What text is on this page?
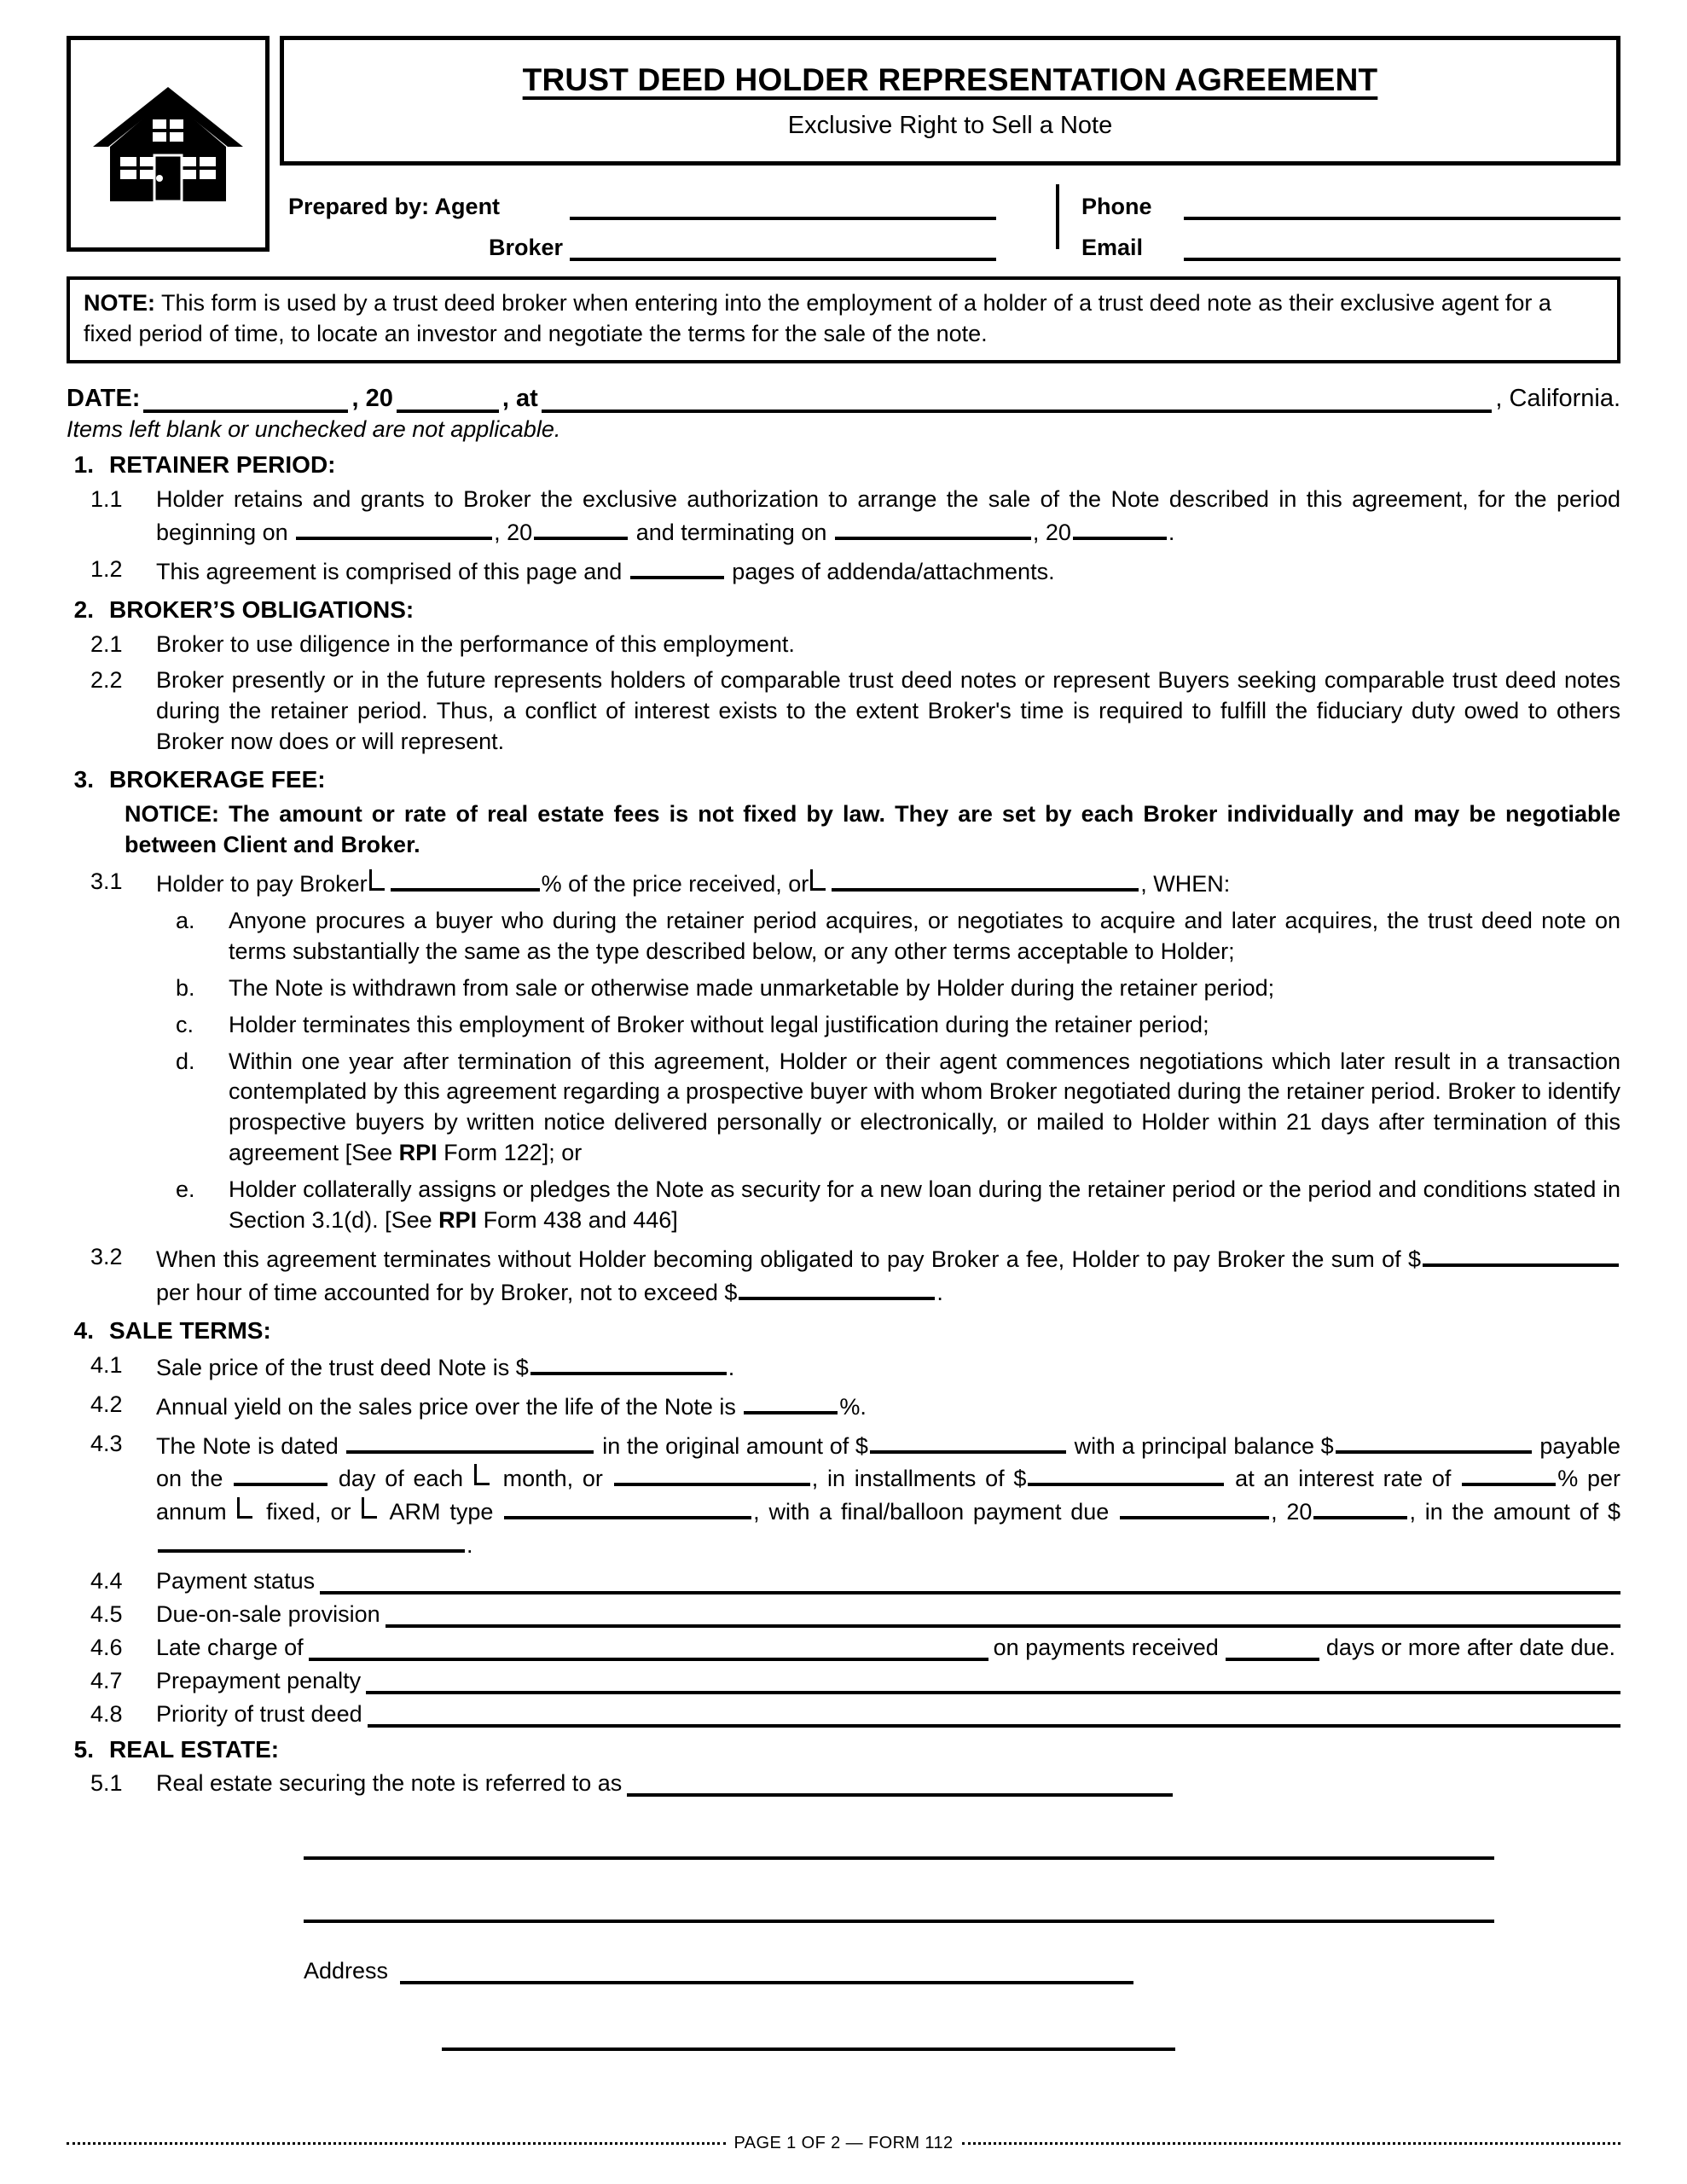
TRUST DEED HOLDER REPRESENTATION AGREEMENT
Exclusive Right to Sell a Note
Prepared by: Agent
Broker
Phone
Email
NOTE: This form is used by a trust deed broker when entering into the employment of a holder of a trust deed note as their exclusive agent for a fixed period of time, to locate an investor and negotiate the terms for the sale of the note.
DATE:	, 20	, at	, California.
Items left blank or unchecked are not applicable.
1. RETAINER PERIOD:
1.1	Holder retains and grants to Broker the exclusive authorization to arrange the sale of the Note described in this agreement, for the period beginning on	, 20	and terminating on	, 20	.
1.2	This agreement is comprised of this page and	pages of addenda/attachments.
2. BROKER’S OBLIGATIONS:
2.1	Broker to use diligence in the performance of this employment.
2.2	Broker presently or in the future represents holders of comparable trust deed notes or represent Buyers seeking comparable trust deed notes during the retainer period. Thus, a conflict of interest exists to the extent Broker's time is required to fulfill the fiduciary duty owed to others Broker now does or will represent.
3. BROKERAGE FEE:
NOTICE: The amount or rate of real estate fees is not fixed by law. They are set by each Broker individually and may be negotiable between Client and Broker.
3.1	Holder to pay Broker	% of the price received, or	, WHEN:
a.	Anyone procures a buyer who during the retainer period acquires, or negotiates to acquire and later acquires, the trust deed note on terms substantially the same as the type described below, or any other terms acceptable to Holder;
b.	The Note is withdrawn from sale or otherwise made unmarketable by Holder during the retainer period;
c.	Holder terminates this employment of Broker without legal justification during the retainer period;
d.	Within one year after termination of this agreement, Holder or their agent commences negotiations which later result in a transaction contemplated by this agreement regarding a prospective buyer with whom Broker negotiated during the retainer period. Broker to identify prospective buyers by written notice delivered personally or electronically, or mailed to Holder within 21 days after termination of this agreement [See RPI Form 122]; or
e.	Holder collaterally assigns or pledges the Note as security for a new loan during the retainer period or the period and conditions stated in Section 3.1(d). [See RPI Form 438 and 446]
3.2	When this agreement terminates without Holder becoming obligated to pay Broker a fee, Holder to pay Broker the sum of $ per hour of time accounted for by Broker, not to exceed $	.
4. SALE TERMS:
4.1	Sale price of the trust deed Note is $	.
4.2	Annual yield on the sales price over the life of the Note is	%.
4.3	The Note is dated	in the original amount of $	with a principal balance $	payable on the	day of each  month, or	, in installments of $	at an interest rate of	% per annum  fixed, or  ARM type	, with a final/balloon payment due	, 20	, in the amount of $.
4.4	Payment status
4.5	Due-on-sale provision
4.6	Late charge of	on payments received	days or more after date due.
4.7	Prepayment penalty
4.8	Priority of trust deed
5. REAL ESTATE:
5.1	Real estate securing the note is referred to as
Address
PAGE 1 OF 2 — FORM 112
